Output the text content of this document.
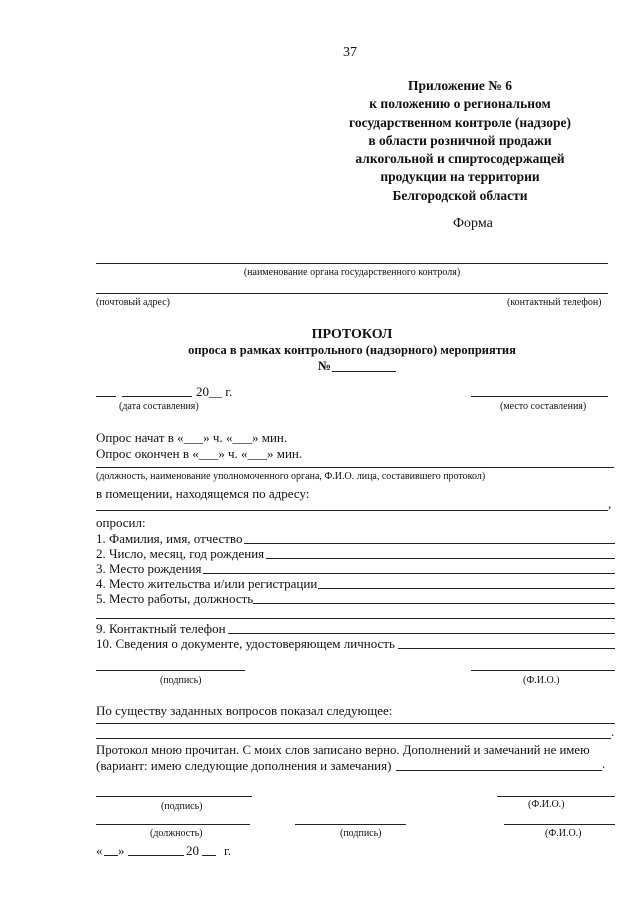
37
Приложение № 6
к положению о региональном
государственном контроле (надзоре)
в области розничной продажи
алкогольной и спиртосодержащей
продукции на территории
Белгородской области
Форма
(наименование органа государственного контроля)
(почтовый адрес)	(контактный телефон)
ПРОТОКОЛ
опроса в рамках контрольного (надзорного) мероприятия
№
20__ г.
(дата составления)	(место составления)
Опрос начат в «___» ч. «___» мин.
Опрос окончен в «___» ч. «___» мин.
(должность, наименование уполномоченного органа, Ф.И.О. лица, составившего протокол)
в помещении, находящемся по адресу:
,
опросил:
1. Фамилия, имя, отчество
2. Число, месяц, год рождения
3. Место рождения
4. Место жительства и/или регистрации
5. Место работы, должность
9. Контактный телефон
10. Сведения о документе, удостоверяющем личность
(подпись)	(Ф.И.О.)
По существу заданных вопросов показал следующее:
.
Протокол мною прочитан. С моих слов записано верно. Дополнений и замечаний не имею
(вариант: имею следующие дополнения и замечания)	.
(подпись)	(Ф.И.О.)
(должность)	(подпись)	(Ф.И.О.)
« »	20 г.
